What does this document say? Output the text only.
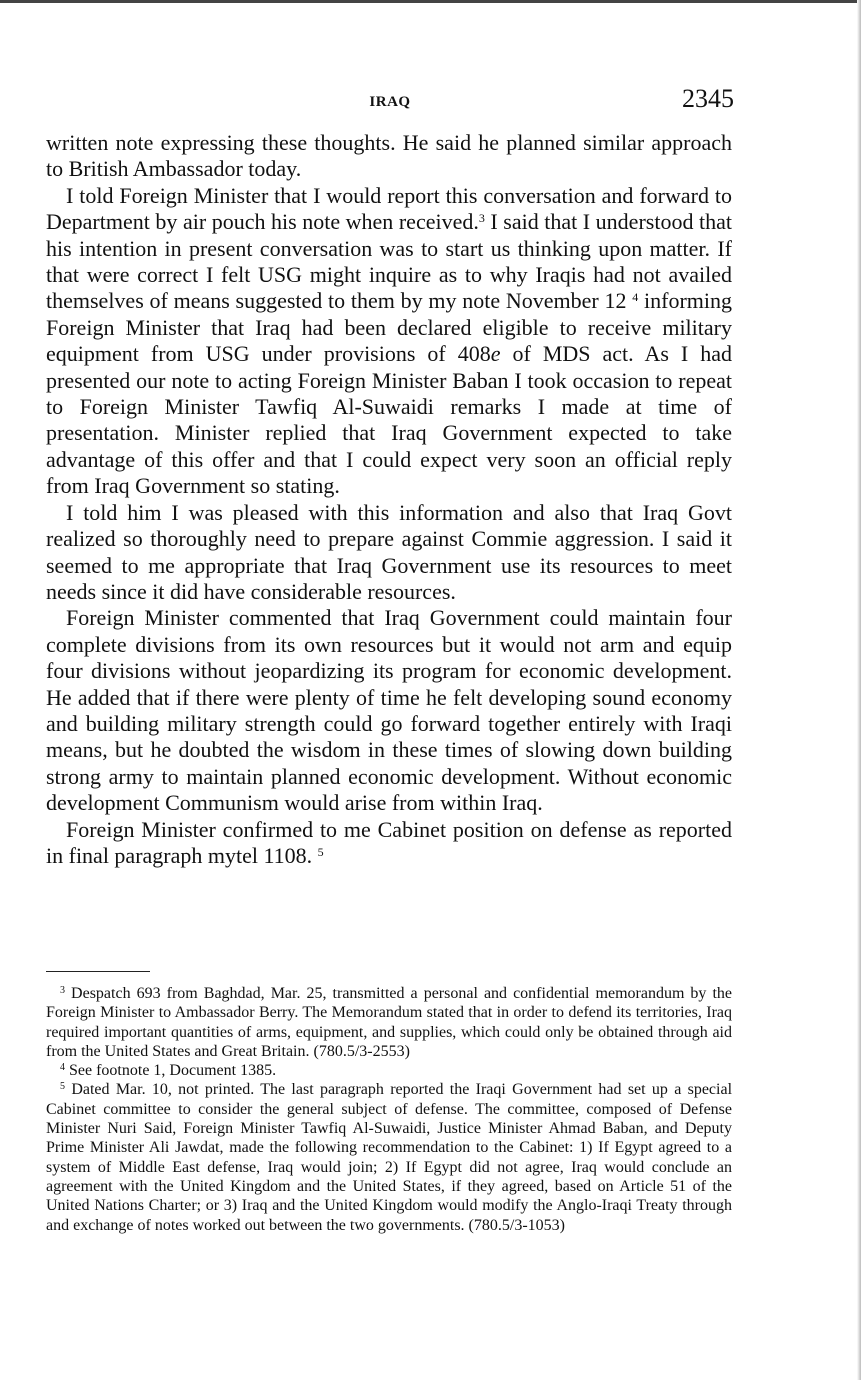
IRAQ	2345

written note expressing these thoughts. He said he planned similar approach to British Ambassador today.

I told Foreign Minister that I would report this conversation and forward to Department by air pouch his note when received.$^3$ I said that I understood that his intention in present conversation was to start us thinking upon matter. If that were correct I felt USG might inquire as to why Iraqis had not availed themselves of means suggested to them by my note November 12 $^4$ informing Foreign Minister that Iraq had been declared eligible to receive military equipment from USG under provisions of 408e of MDS act. As I had presented our note to acting Foreign Minister Baban I took occasion to repeat to Foreign Minister Tawfiq Al-Suwaidi remarks I made at time of presentation. Minister replied that Iraq Government expected to take advantage of this offer and that I could expect very soon an official reply from Iraq Government so stating.

I told him I was pleased with this information and also that Iraq Govt realized so thoroughly need to prepare against Commie aggression. I said it seemed to me appropriate that Iraq Government use its resources to meet needs since it did have considerable resources.

Foreign Minister commented that Iraq Government could maintain four complete divisions from its own resources but it would not arm and equip four divisions without jeopardizing its program for economic development. He added that if there were plenty of time he felt developing sound economy and building military strength could go forward together entirely with Iraqi means, but he doubted the wisdom in these times of slowing down building strong army to maintain planned economic development. Without economic development Communism would arise from within Iraq.

Foreign Minister confirmed to me Cabinet position on defense as reported in final paragraph mytel 1108. $^5$

$^3$ Despatch 693 from Baghdad, Mar. 25, transmitted a personal and confidential memorandum by the Foreign Minister to Ambassador Berry. The Memorandum stated that in order to defend its territories, Iraq required important quantities of arms, equipment, and supplies, which could only be obtained through aid from the United States and Great Britain. (780.5/3-2553)

$^4$ See footnote 1, Document 1385.

$^5$ Dated Mar. 10, not printed. The last paragraph reported the Iraqi Government had set up a special Cabinet committee to consider the general subject of defense. The committee, composed of Defense Minister Nuri Said, Foreign Minister Tawfiq Al-Suwaidi, Justice Minister Ahmad Baban, and Deputy Prime Minister Ali Jawdat, made the following recommendation to the Cabinet: 1) If Egypt agreed to a system of Middle East defense, Iraq would join; 2) If Egypt did not agree, Iraq would conclude an agreement with the United Kingdom and the United States, if they agreed, based on Article 51 of the United Nations Charter; or 3) Iraq and the United Kingdom would modify the Anglo-Iraqi Treaty through and exchange of notes worked out between the two governments. (780.5/3-1053)
